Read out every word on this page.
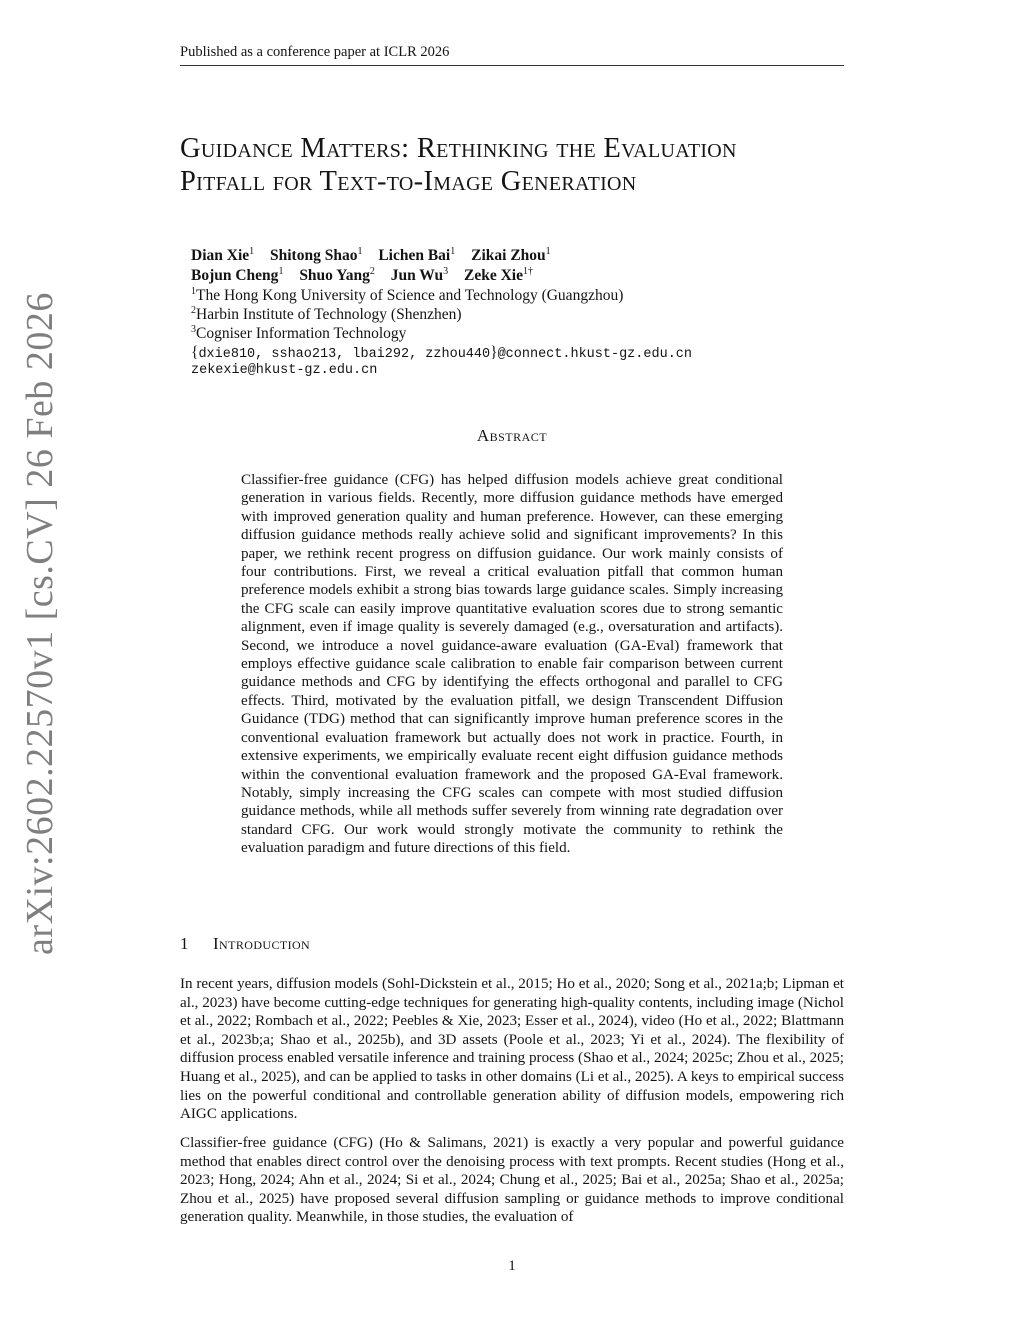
Published as a conference paper at ICLR 2026
Guidance Matters: Rethinking the Evaluation
Pitfall for Text-to-Image Generation
Dian Xie$^1$ Shitong Shao$^1$ Lichen Bai$^1$ Zikai Zhou$^1$
Bojun Cheng$^1$ Shuo Yang$^2$ Jun Wu$^3$ Zeke Xie$^{1\dagger}$
$^1$The Hong Kong University of Science and Technology (Guangzhou)
$^2$Harbin Institute of Technology (Shenzhen)
$^3$Cogniser Information Technology
{dxie810, sshao213, lbai292, zzhou440}@connect.hkust-gz.edu.cn
zekexie@hkust-gz.edu.cn
arXiv:2602.22570v1 [cs.CV] 26 Feb 2026	Abstract
Classifier-free guidance (CFG) has helped diffusion models achieve great conditional generation in various fields. Recently, more diffusion guidance methods have emerged with improved generation quality and human preference. However, can these emerging diffusion guidance methods really achieve solid and significant improvements? In this paper, we rethink recent progress on diffusion guidance. Our work mainly consists of four contributions. First, we reveal a critical evaluation pitfall that common human preference models exhibit a strong bias towards large guidance scales. Simply increasing the CFG scale can easily improve quantitative evaluation scores due to strong semantic alignment, even if image quality is severely damaged (e.g., oversaturation and artifacts). Second, we introduce a novel guidance-aware evaluation (GA-Eval) framework that employs effective guidance scale calibration to enable fair comparison between current guidance methods and CFG by identifying the effects orthogonal and parallel to CFG effects. Third, motivated by the evaluation pitfall, we design Transcendent Diffusion Guidance (TDG) method that can significantly improve human preference scores in the conventional evaluation framework but actually does not work in practice. Fourth, in extensive experiments, we empirically evaluate recent eight diffusion guidance methods within the conventional evaluation framework and the proposed GA-Eval framework. Notably, simply increasing the CFG scales can compete with most studied diffusion guidance methods, while all methods suffer severely from winning rate degradation over standard CFG. Our work would strongly motivate the community to rethink the evaluation paradigm and future directions of this field.
1 Introduction
In recent years, diffusion models (Sohl-Dickstein et al., 2015; Ho et al., 2020; Song et al., 2021a;b; Lipman et al., 2023) have become cutting-edge techniques for generating high-quality contents, including image (Nichol et al., 2022; Rombach et al., 2022; Peebles & Xie, 2023; Esser et al., 2024), video (Ho et al., 2022; Blattmann et al., 2023b;a; Shao et al., 2025b), and 3D assets (Poole et al., 2023; Yi et al., 2024). The flexibility of diffusion process enabled versatile inference and training process (Shao et al., 2024; 2025c; Zhou et al., 2025; Huang et al., 2025), and can be applied to tasks in other domains (Li et al., 2025). A keys to empirical success lies on the powerful conditional and controllable generation ability of diffusion models, empowering rich AIGC applications.
Classifier-free guidance (CFG) (Ho & Salimans, 2021) is exactly a very popular and powerful guidance method that enables direct control over the denoising process with text prompts. Recent studies (Hong et al., 2023; Hong, 2024; Ahn et al., 2024; Si et al., 2024; Chung et al., 2025; Bai et al., 2025a; Shao et al., 2025a; Zhou et al., 2025) have proposed several diffusion sampling or guidance methods to improve conditional generation quality. Meanwhile, in those studies, the evaluation of
1
